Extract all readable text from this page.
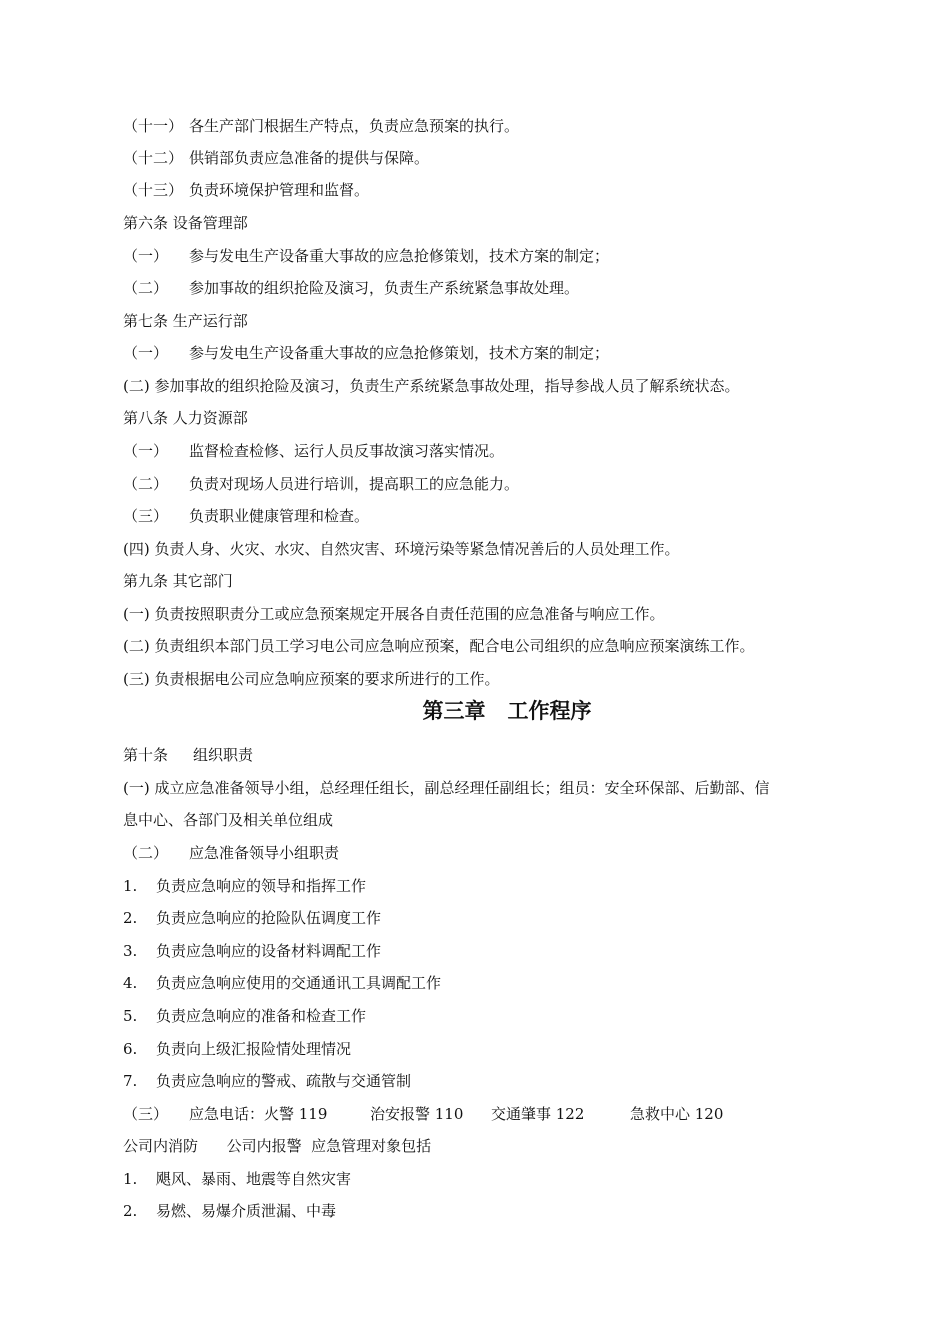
（十一） 各生产部门根据生产特点，负责应急预案的执行。
（十二） 供销部负责应急准备的提供与保障。
（十三） 负责环境保护管理和监督。
第六条 设备管理部
（一） 参与发电生产设备重大事故的应急抢修策划，技术方案的制定；
（二） 参加事故的组织抢险及演习，负责生产系统紧急事故处理。
第七条 生产运行部
（一） 参与发电生产设备重大事故的应急抢修策划，技术方案的制定；
(二) 参加事故的组织抢险及演习，负责生产系统紧急事故处理，指导参战人员了解系统状态。
第八条 人力资源部
（一） 监督检查检修、运行人员反事故演习落实情况。
（二） 负责对现场人员进行培训，提高职工的应急能力。
（三） 负责职业健康管理和检查。
(四) 负责人身、火灾、水灾、自然灾害、环境污染等紧急情况善后的人员处理工作。
第九条 其它部门
(一) 负责按照职责分工或应急预案规定开展各自责任范围的应急准备与响应工作。
(二) 负责组织本部门员工学习电公司应急响应预案，配合电公司组织的应急响应预案演练工作。
(三) 负责根据电公司应急响应预案的要求所进行的工作。
第三章 工作程序
第十条 组织职责
(一) 成立应急准备领导小组，总经理任组长，副总经理任副组长；组员：安全环保部、后勤部、信
息中心、各部门及相关单位组成
（二） 应急准备领导小组职责
1. 负责应急响应的领导和指挥工作
2. 负责应急响应的抢险队伍调度工作
3. 负责应急响应的设备材料调配工作
4. 负责应急响应使用的交通通讯工具调配工作
5. 负责应急响应的准备和检查工作
6. 负责向上级汇报险情处理情况
7. 负责应急响应的警戒、疏散与交通管制
（三） 应急电话：火警 119	治安报警 110 交通肇事 122	急救中心 120
公司内消防      公司内报警  应急管理对象包括
1. 飓风、暴雨、地震等自然灾害
2. 易燃、易爆介质泄漏、中毒
